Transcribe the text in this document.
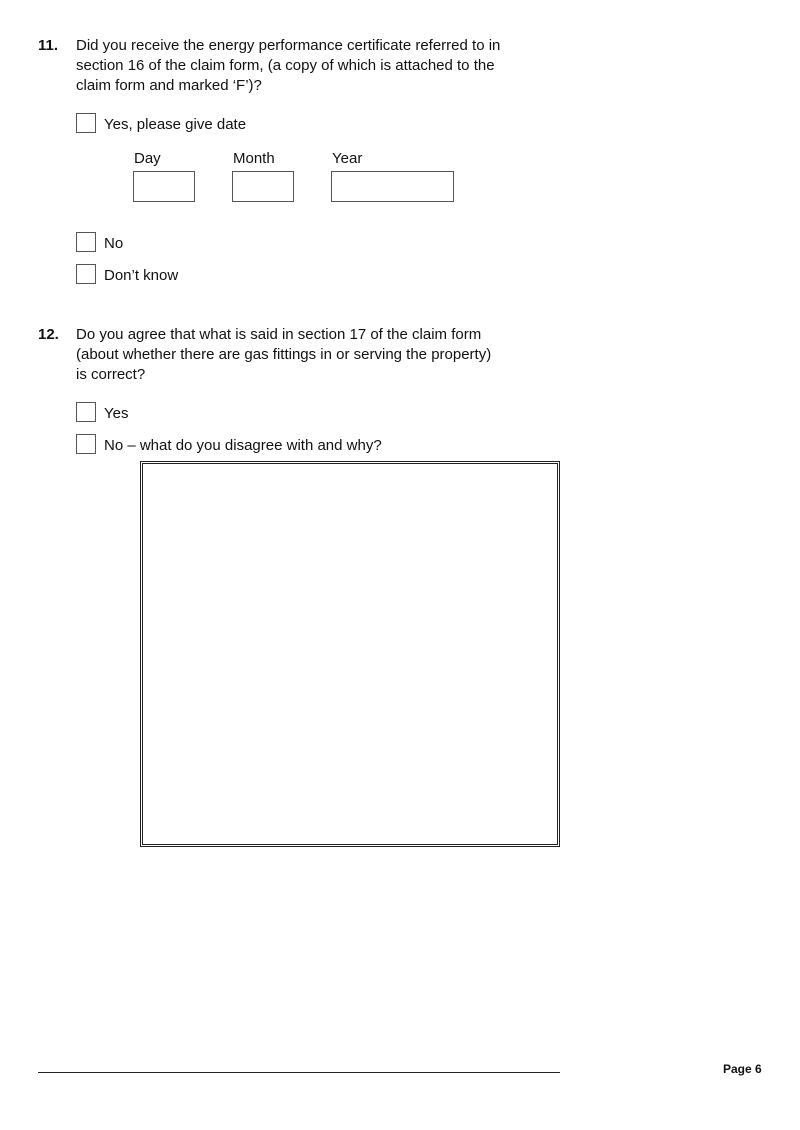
11. Did you receive the energy performance certificate referred to in
section 16 of the claim form, (a copy of which is attached to the
claim form and marked ‘F’)?
Yes, please give date
Day	Month	Year
No
Don’t know
12. Do you agree that what is said in section 17 of the claim form
(about whether there are gas fittings in or serving the property)
is correct?
Yes
No – what do you disagree with and why?
Page 6
